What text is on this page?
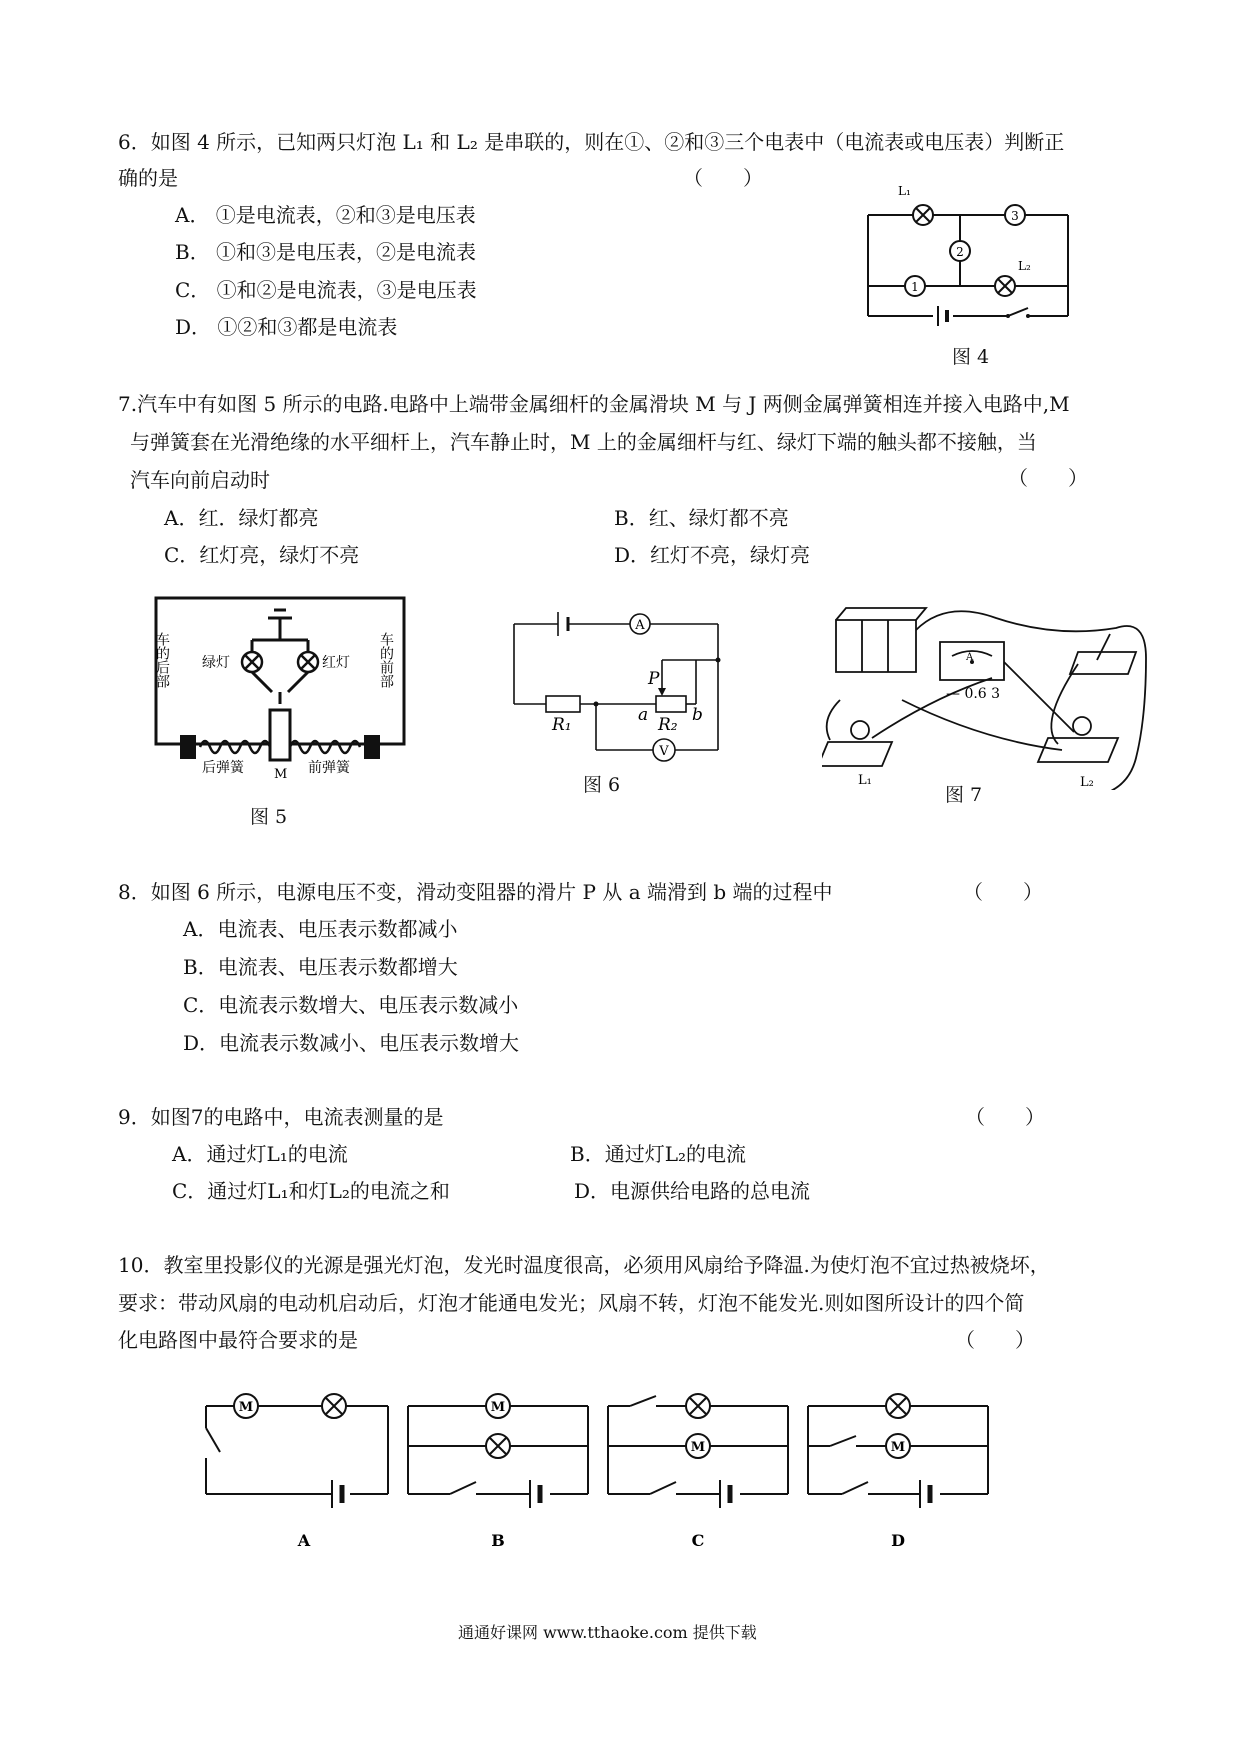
6．如图 4 所示，已知两只灯泡 L₁ 和 L₂ 是串联的，则在①、②和③三个电表中（电流表或电压表）判断正
确的是	（　　）
A． ①是电流表，②和③是电压表
B． ①和③是电压表，②是电流表
C． ①和②是电流表，③是电压表
D． ①②和③都是电流表
1
2
3
L₁
L₂
图 4
7.汽车中有如图 5 所示的电路.电路中上端带金属细杆的金属滑块 M 与 J 两侧金属弹簧相连并接入电路中,M
与弹簧套在光滑绝缘的水平细杆上，汽车静止时，M 上的金属细杆与红、绿灯下端的触头都不接触，当
汽车向前启动时	（　　）
A．红．绿灯都亮	B．红、绿灯都不亮
C．红灯亮，绿灯不亮	D．红灯不亮，绿灯亮
车的后部	车的前部
绿灯	红灯
后弹簧	前弹簧
M
图 5
A
V
R₁	R₂
P
a	b
图 6
A
— 0.6 3
L₁	L₂
图 7
8．如图 6 所示，电源电压不变，滑动变阻器的滑片 P 从 a 端滑到 b 端的过程中	（　　）
A．电流表、电压表示数都减小
B．电流表、电压表示数都增大
C．电流表示数增大、电压表示数减小
D．电流表示数减小、电压表示数增大
9．如图7的电路中，电流表测量的是	（　　）
A．通过灯L₁的电流	B．通过灯L₂的电流
C．通过灯L₁和灯L₂的电流之和	D．电源供给电路的总电流
10．教室里投影仪的光源是强光灯泡，发光时温度很高，必须用风扇给予降温.为使灯泡不宜过热被烧坏，
要求：带动风扇的电动机启动后，灯泡才能通电发光；风扇不转，灯泡不能发光.则如图所设计的四个简
化电路图中最符合要求的是	（　　）
M	M
M	M
A	B	C	D
通通好课网 www.tthaoke.com 提供下载
